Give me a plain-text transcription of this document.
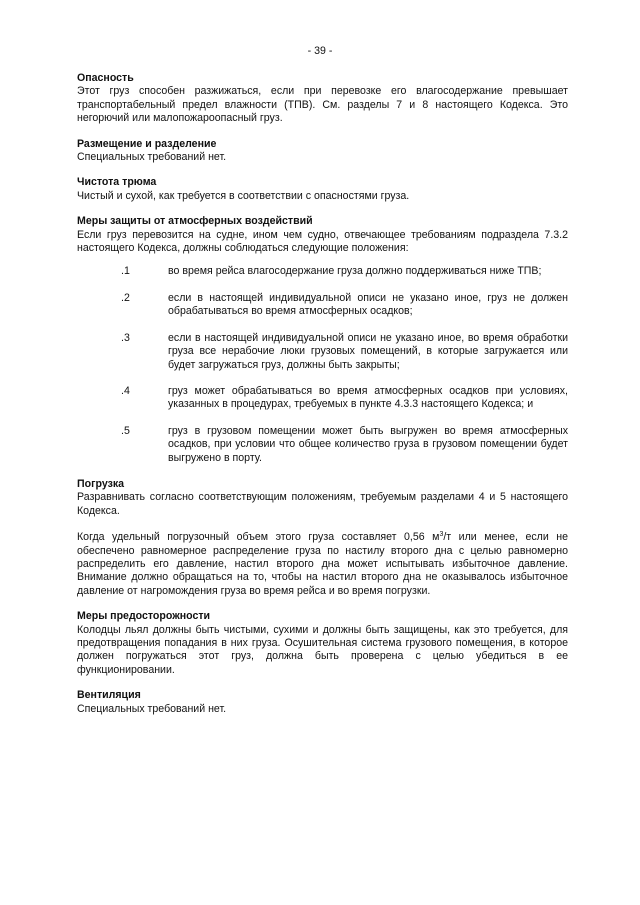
- 39 -
Опасность
Этот груз способен разжижаться, если при перевозке его влагосодержание превышает транспортабельный предел влажности (ТПВ). См. разделы 7 и 8 настоящего Кодекса. Это негорючий или малопожароопасный груз.
Размещение и разделение
Специальных требований нет.
Чистота трюма
Чистый и сухой, как требуется в соответствии с опасностями груза.
Меры защиты от атмосферных воздействий
Если груз перевозится на судне, ином чем судно, отвечающее требованиям подраздела 7.3.2 настоящего Кодекса, должны соблюдаться следующие положения:
.1	во время рейса влагосодержание груза должно поддерживаться ниже ТПВ;
.2	если в настоящей индивидуальной описи не указано иное, груз не должен обрабатываться во время атмосферных осадков;
.3	если в настоящей индивидуальной описи не указано иное, во время обработки груза все нерабочие люки грузовых помещений, в которые загружается или будет загружаться груз, должны быть закрыты;
.4	груз может обрабатываться во время атмосферных осадков при условиях, указанных в процедурах, требуемых в пункте 4.3.3 настоящего Кодекса; и
.5	груз в грузовом помещении может быть выгружен во время атмосферных осадков, при условии что общее количество груза в грузовом помещении будет выгружено в порту.
Погрузка
Разравнивать согласно соответствующим положениям, требуемым разделами 4 и 5 настоящего Кодекса.
Когда удельный погрузочный объем этого груза составляет 0,56 $м^3/т$ или менее, если не обеспечено равномерное распределение груза по настилу второго дна с целью равномерно распределить его давление, настил второго дна может испытывать избыточное давление. Внимание должно обращаться на то, чтобы на настил второго дна не оказывалось избыточное давление от нагромождения груза во время рейса и во время погрузки.
Меры предосторожности
Колодцы льял должны быть чистыми, сухими и должны быть защищены, как это требуется, для предотвращения попадания в них груза. Осушительная система грузового помещения, в которое должен погружаться этот груз, должна быть проверена с целью убедиться в ее функционировании.
Вентиляция
Специальных требований нет.
